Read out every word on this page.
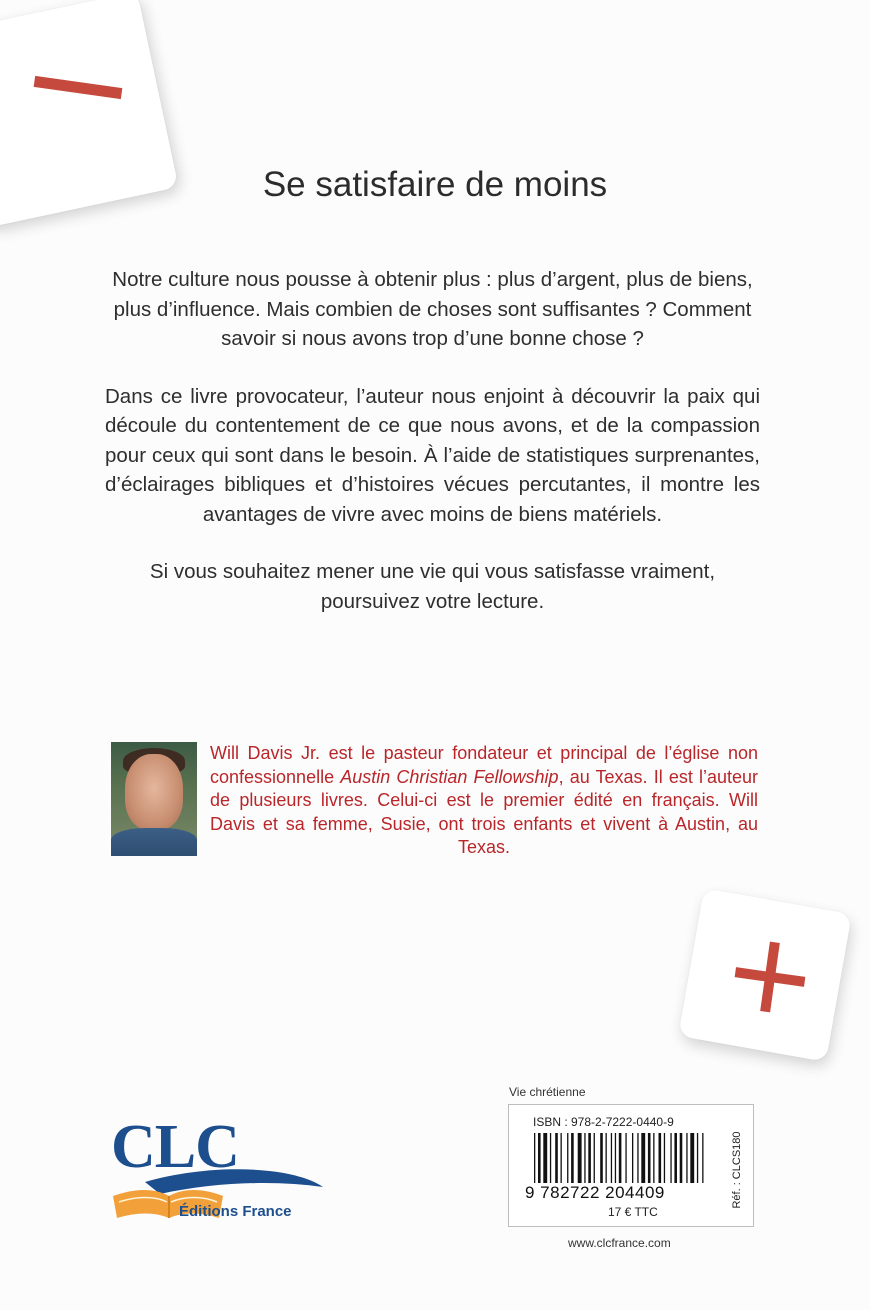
Se satisfaire de moins

Notre culture nous pousse à obtenir plus : plus d’argent, plus de biens, plus d’influence. Mais combien de choses sont suffisantes ? Comment savoir si nous avons trop d’une bonne chose ?

Dans ce livre provocateur, l’auteur nous enjoint à découvrir la paix qui découle du contentement de ce que nous avons, et de la compassion pour ceux qui sont dans le besoin. À l’aide de statistiques surprenantes, d’éclairages bibliques et d’histoires vécues percutantes, il montre les avantages de vivre avec moins de biens matériels.

Si vous souhaitez mener une vie qui vous satisfasse vraiment, poursuivez votre lecture.

Will Davis Jr. est le pasteur fondateur et principal de l’église non confessionnelle Austin Christian Fellowship, au Texas. Il est l’auteur de plusieurs livres. Celui-ci est le premier édité en français. Will Davis et sa femme, Susie, ont trois enfants et vivent à Austin, au Texas.

CLC
Éditions France
Vie chrétienne
ISBN : 978-2-7222-0440-9
9 782722 204409
17 € TTC
Réf. : CLCS180
www.clcfrance.com
